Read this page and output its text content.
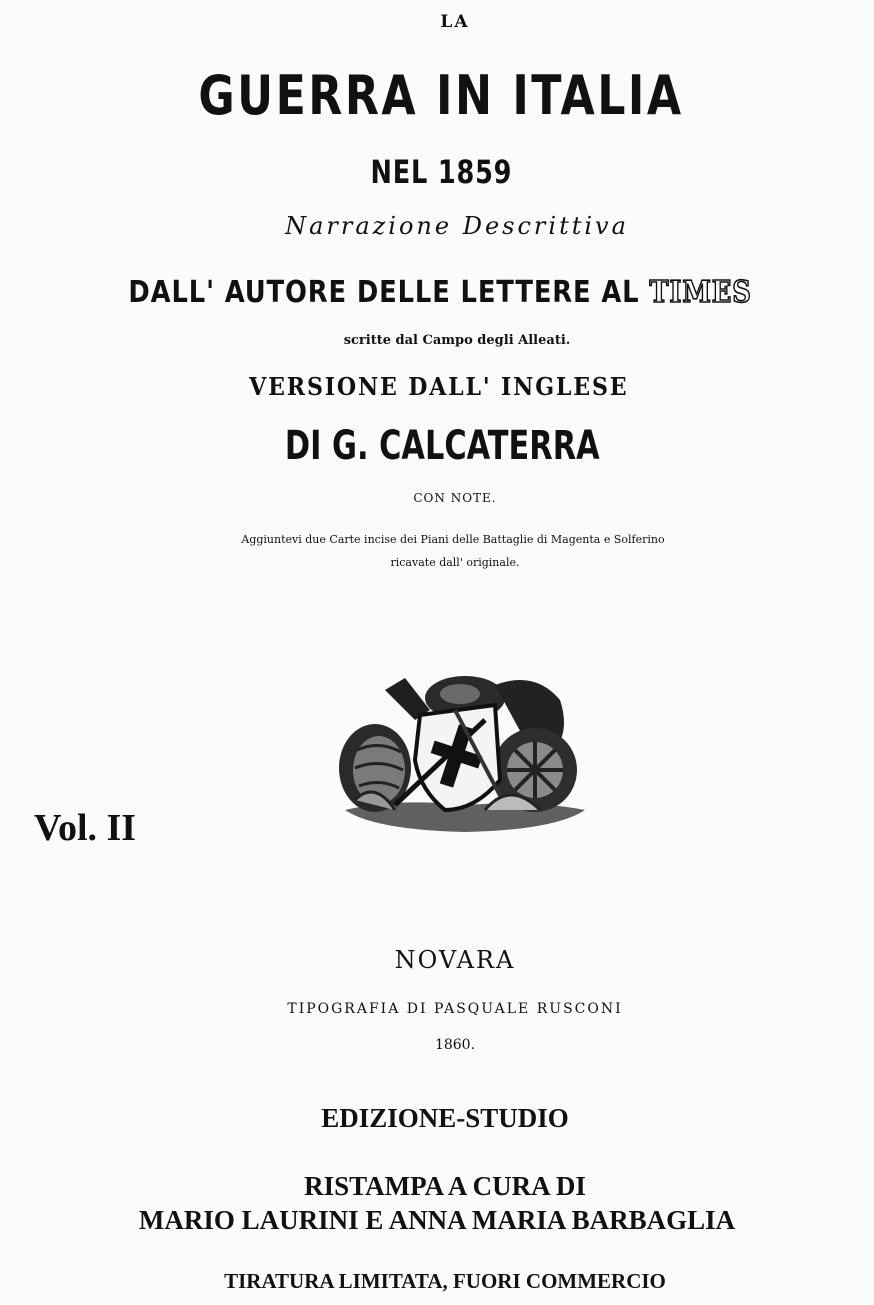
LA
GUERRA IN ITALIA
NEL 1859
Narrazione Descrittiva
DALL' AUTORE DELLE LETTERE AL TIMES
scritte dal Campo degli Alleati.
VERSIONE DALL' INGLESE
DI G. CALCATERRA
CON NOTE.
Aggiuntevi due Carte incise dei Piani delle Battaglie di Magenta e Solferino
ricavate dall' originale.
Vol. II
NOVARA
TIPOGRAFIA DI PASQUALE RUSCONI
1860.
EDIZIONE-STUDIO
RISTAMPA A CURA DI
MARIO LAURINI E ANNA MARIA BARBAGLIA
TIRATURA LIMITATA, FUORI COMMERCIO
